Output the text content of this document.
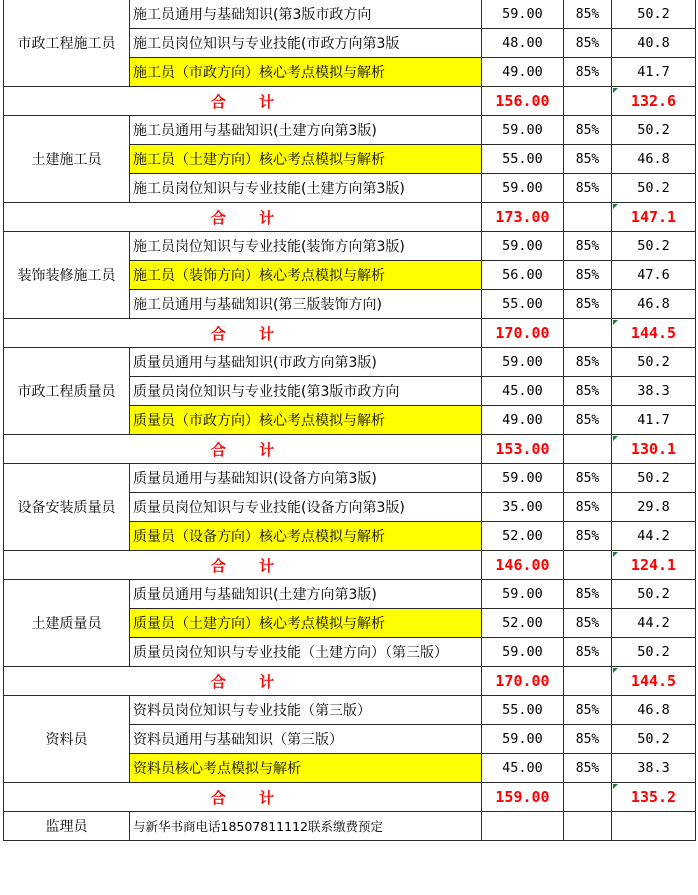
市政工程施工员	施工员通用与基础知识(第3版市政方向	59.00	85%	50.2
	施工员岗位知识与专业技能(市政方向第3版	48.00	85%	40.8
	施工员（市政方向）核心考点模拟与解析	49.00	85%	41.7
合 计		156.00		132.6
土建施工员	施工员通用与基础知识(土建方向第3版)	59.00	85%	50.2
	施工员（土建方向）核心考点模拟与解析	55.00	85%	46.8
	施工员岗位知识与专业技能(土建方向第3版)	59.00	85%	50.2
合 计		173.00		147.1
装饰装修施工员	施工员岗位知识与专业技能(装饰方向第3版)	59.00	85%	50.2
	施工员（装饰方向）核心考点模拟与解析	56.00	85%	47.6
	施工员通用与基础知识(第三版装饰方向)	55.00	85%	46.8
合 计		170.00		144.5
市政工程质量员	质量员通用与基础知识(市政方向第3版)	59.00	85%	50.2
	质量员岗位知识与专业技能(第3版市政方向	45.00	85%	38.3
	质量员（市政方向）核心考点模拟与解析	49.00	85%	41.7
合 计		153.00		130.1
设备安装质量员	质量员通用与基础知识(设备方向第3版)	59.00	85%	50.2
	质量员岗位知识与专业技能(设备方向第3版)	35.00	85%	29.8
	质量员（设备方向）核心考点模拟与解析	52.00	85%	44.2
合 计		146.00		124.1
土建质量员	质量员通用与基础知识(土建方向第3版)	59.00	85%	50.2
	质量员（土建方向）核心考点模拟与解析	52.00	85%	44.2
	质量员岗位知识与专业技能（土建方向）（第三版）	59.00	85%	50.2
合 计		170.00		144.5
资料员	资料员岗位知识与专业技能（第三版）	55.00	85%	46.8
	资料员通用与基础知识（第三版）	59.00	85%	50.2
	资料员核心考点模拟与解析	45.00	85%	38.3
合 计		159.00		135.2
监理员	与新华书商电话18507811112联系缴费预定			
